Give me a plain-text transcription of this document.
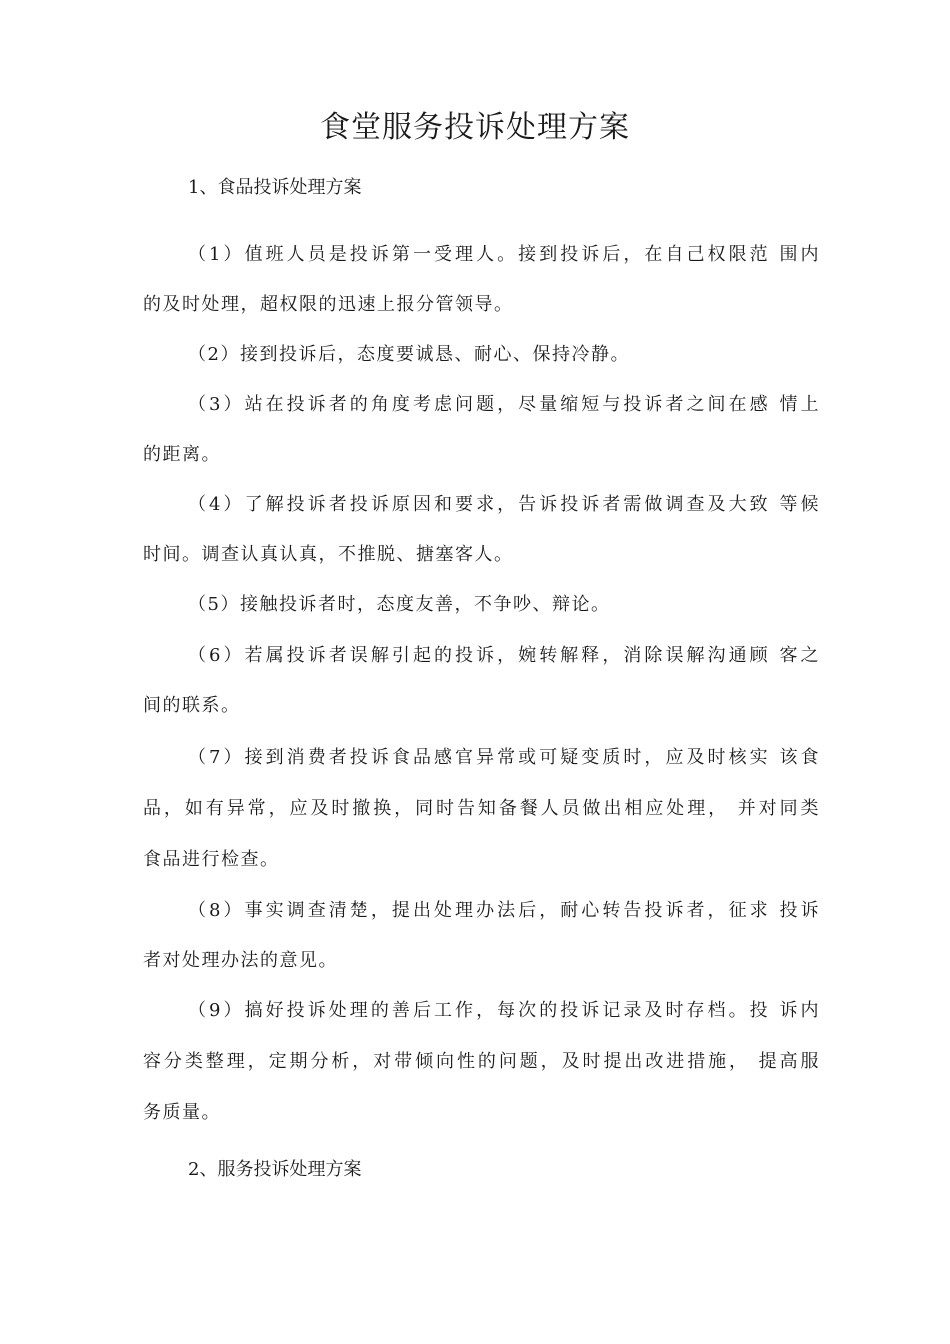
食堂服务投诉处理方案
1、食品投诉处理方案
（1）值班人员是投诉第一受理人。接到投诉后，在自己权限范 围内
的及时处理，超权限的迅速上报分管领导。
（2）接到投诉后，态度要诚恳、耐心、保持冷静。
（3）站在投诉者的角度考虑问题，尽量缩短与投诉者之间在感 情上
的距离。
（4）了解投诉者投诉原因和要求，告诉投诉者需做调查及大致 等候
时间。调查认真认真，不推脱、搪塞客人。
（5）接触投诉者时，态度友善，不争吵、辩论。
（6）若属投诉者误解引起的投诉，婉转解释，消除误解沟通顾 客之
间的联系。
（7）接到消费者投诉食品感官异常或可疑变质时，应及时核实 该食
品，如有异常，应及时撤换，同时告知备餐人员做出相应处理， 并对同类
食品进行检查。
（8）事实调查清楚，提出处理办法后，耐心转告投诉者，征求 投诉
者对处理办法的意见。
（9）搞好投诉处理的善后工作，每次的投诉记录及时存档。投 诉内
容分类整理，定期分析，对带倾向性的问题，及时提出改进措施， 提高服
务质量。
2、服务投诉处理方案
